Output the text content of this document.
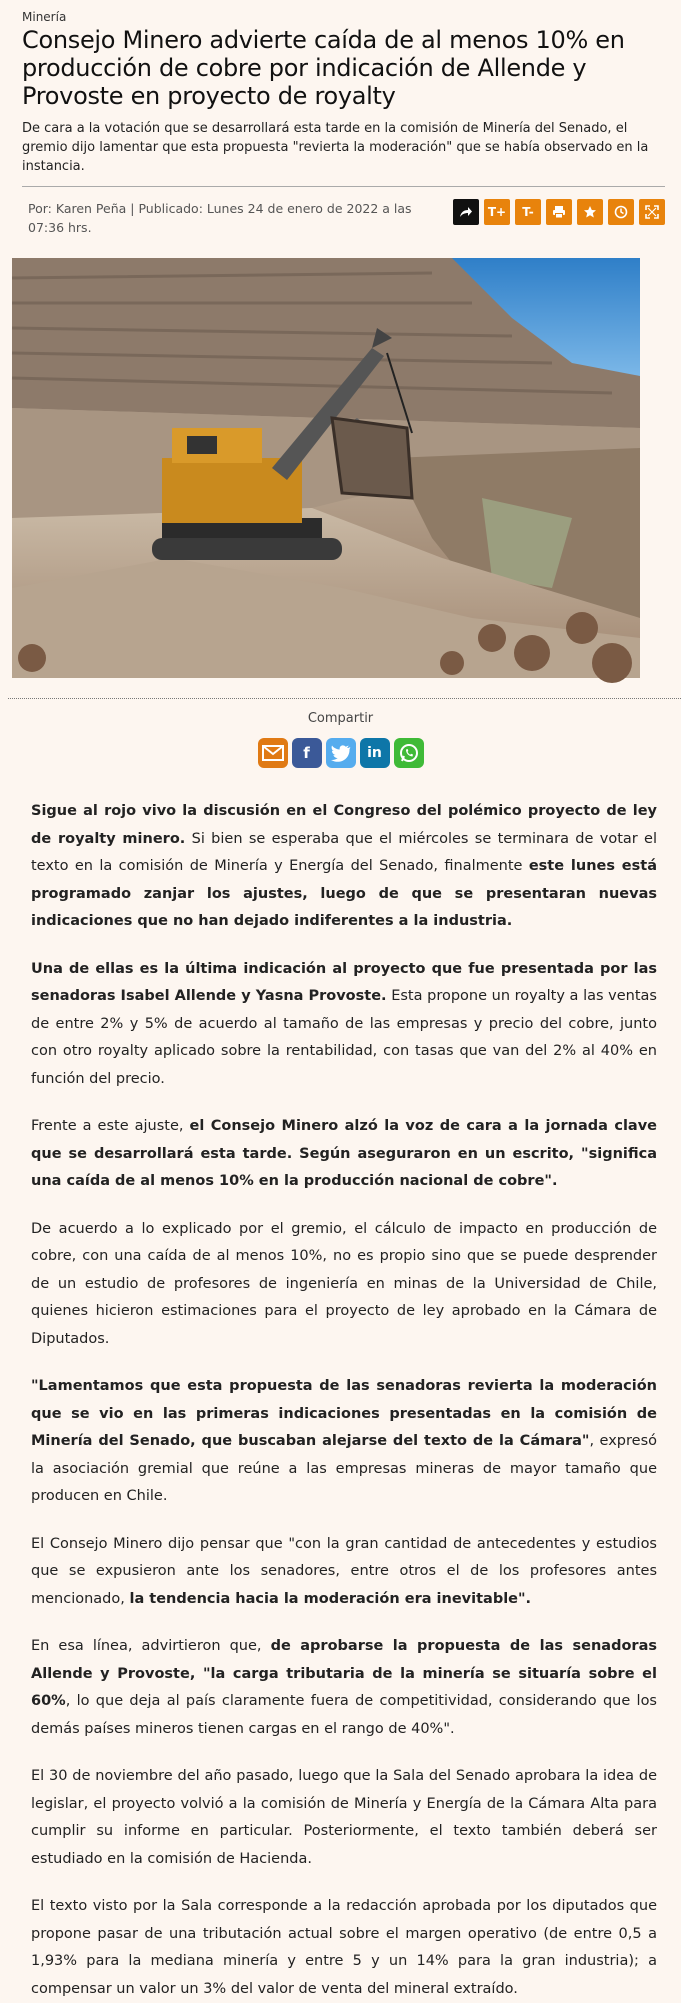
Minería
Consejo Minero advierte caída de al menos 10% en producción de cobre por indicación de Allende y Provoste en proyecto de royalty

De cara a la votación que se desarrollará esta tarde en la comisión de Minería del Senado, el gremio dijo lamentar que esta propuesta "revierta la moderación" que se había observado en la instancia.

Por: Karen Peña | Publicado: Lunes 24 de enero de 2022 a las 07:36 hrs.
T+	T-
Compartir
f	in

Sigue al rojo vivo la discusión en el Congreso del polémico proyecto de ley de royalty minero. Si bien se esperaba que el miércoles se terminara de votar el texto en la comisión de Minería y Energía del Senado, finalmente este lunes está programado zanjar los ajustes, luego de que se presentaran nuevas indicaciones que no han dejado indiferentes a la industria.

Una de ellas es la última indicación al proyecto que fue presentada por las senadoras Isabel Allende y Yasna Provoste. Esta propone un royalty a las ventas de entre 2% y 5% de acuerdo al tamaño de las empresas y precio del cobre, junto con otro royalty aplicado sobre la rentabilidad, con tasas que van del 2% al 40% en función del precio.

Frente a este ajuste, el Consejo Minero alzó la voz de cara a la jornada clave que se desarrollará esta tarde. Según aseguraron en un escrito, "significa una caída de al menos 10% en la producción nacional de cobre".

De acuerdo a lo explicado por el gremio, el cálculo de impacto en producción de cobre, con una caída de al menos 10%, no es propio sino que se puede desprender de un estudio de profesores de ingeniería en minas de la Universidad de Chile, quienes hicieron estimaciones para el proyecto de ley aprobado en la Cámara de Diputados.

"Lamentamos que esta propuesta de las senadoras revierta la moderación que se vio en las primeras indicaciones presentadas en la comisión de Minería del Senado, que buscaban alejarse del texto de la Cámara", expresó la asociación gremial que reúne a las empresas mineras de mayor tamaño que producen en Chile.

El Consejo Minero dijo pensar que "con la gran cantidad de antecedentes y estudios que se expusieron ante los senadores, entre otros el de los profesores antes mencionado, la tendencia hacia la moderación era inevitable".

En esa línea, advirtieron que, de aprobarse la propuesta de las senadoras Allende y Provoste, "la carga tributaria de la minería se situaría sobre el 60%, lo que deja al país claramente fuera de competitividad, considerando que los demás países mineros tienen cargas en el rango de 40%".

El 30 de noviembre del año pasado, luego que la Sala del Senado aprobara la idea de legislar, el proyecto volvió a la comisión de Minería y Energía de la Cámara Alta para cumplir su informe en particular. Posteriormente, el texto también deberá ser estudiado en la comisión de Hacienda.

El texto visto por la Sala corresponde a la redacción aprobada por los diputados que propone pasar de una tributación actual sobre el margen operativo (de entre 0,5 a 1,93% para la mediana minería y entre 5 y un 14% para la gran industria); a compensar un valor un 3% del valor de venta del mineral extraído.
